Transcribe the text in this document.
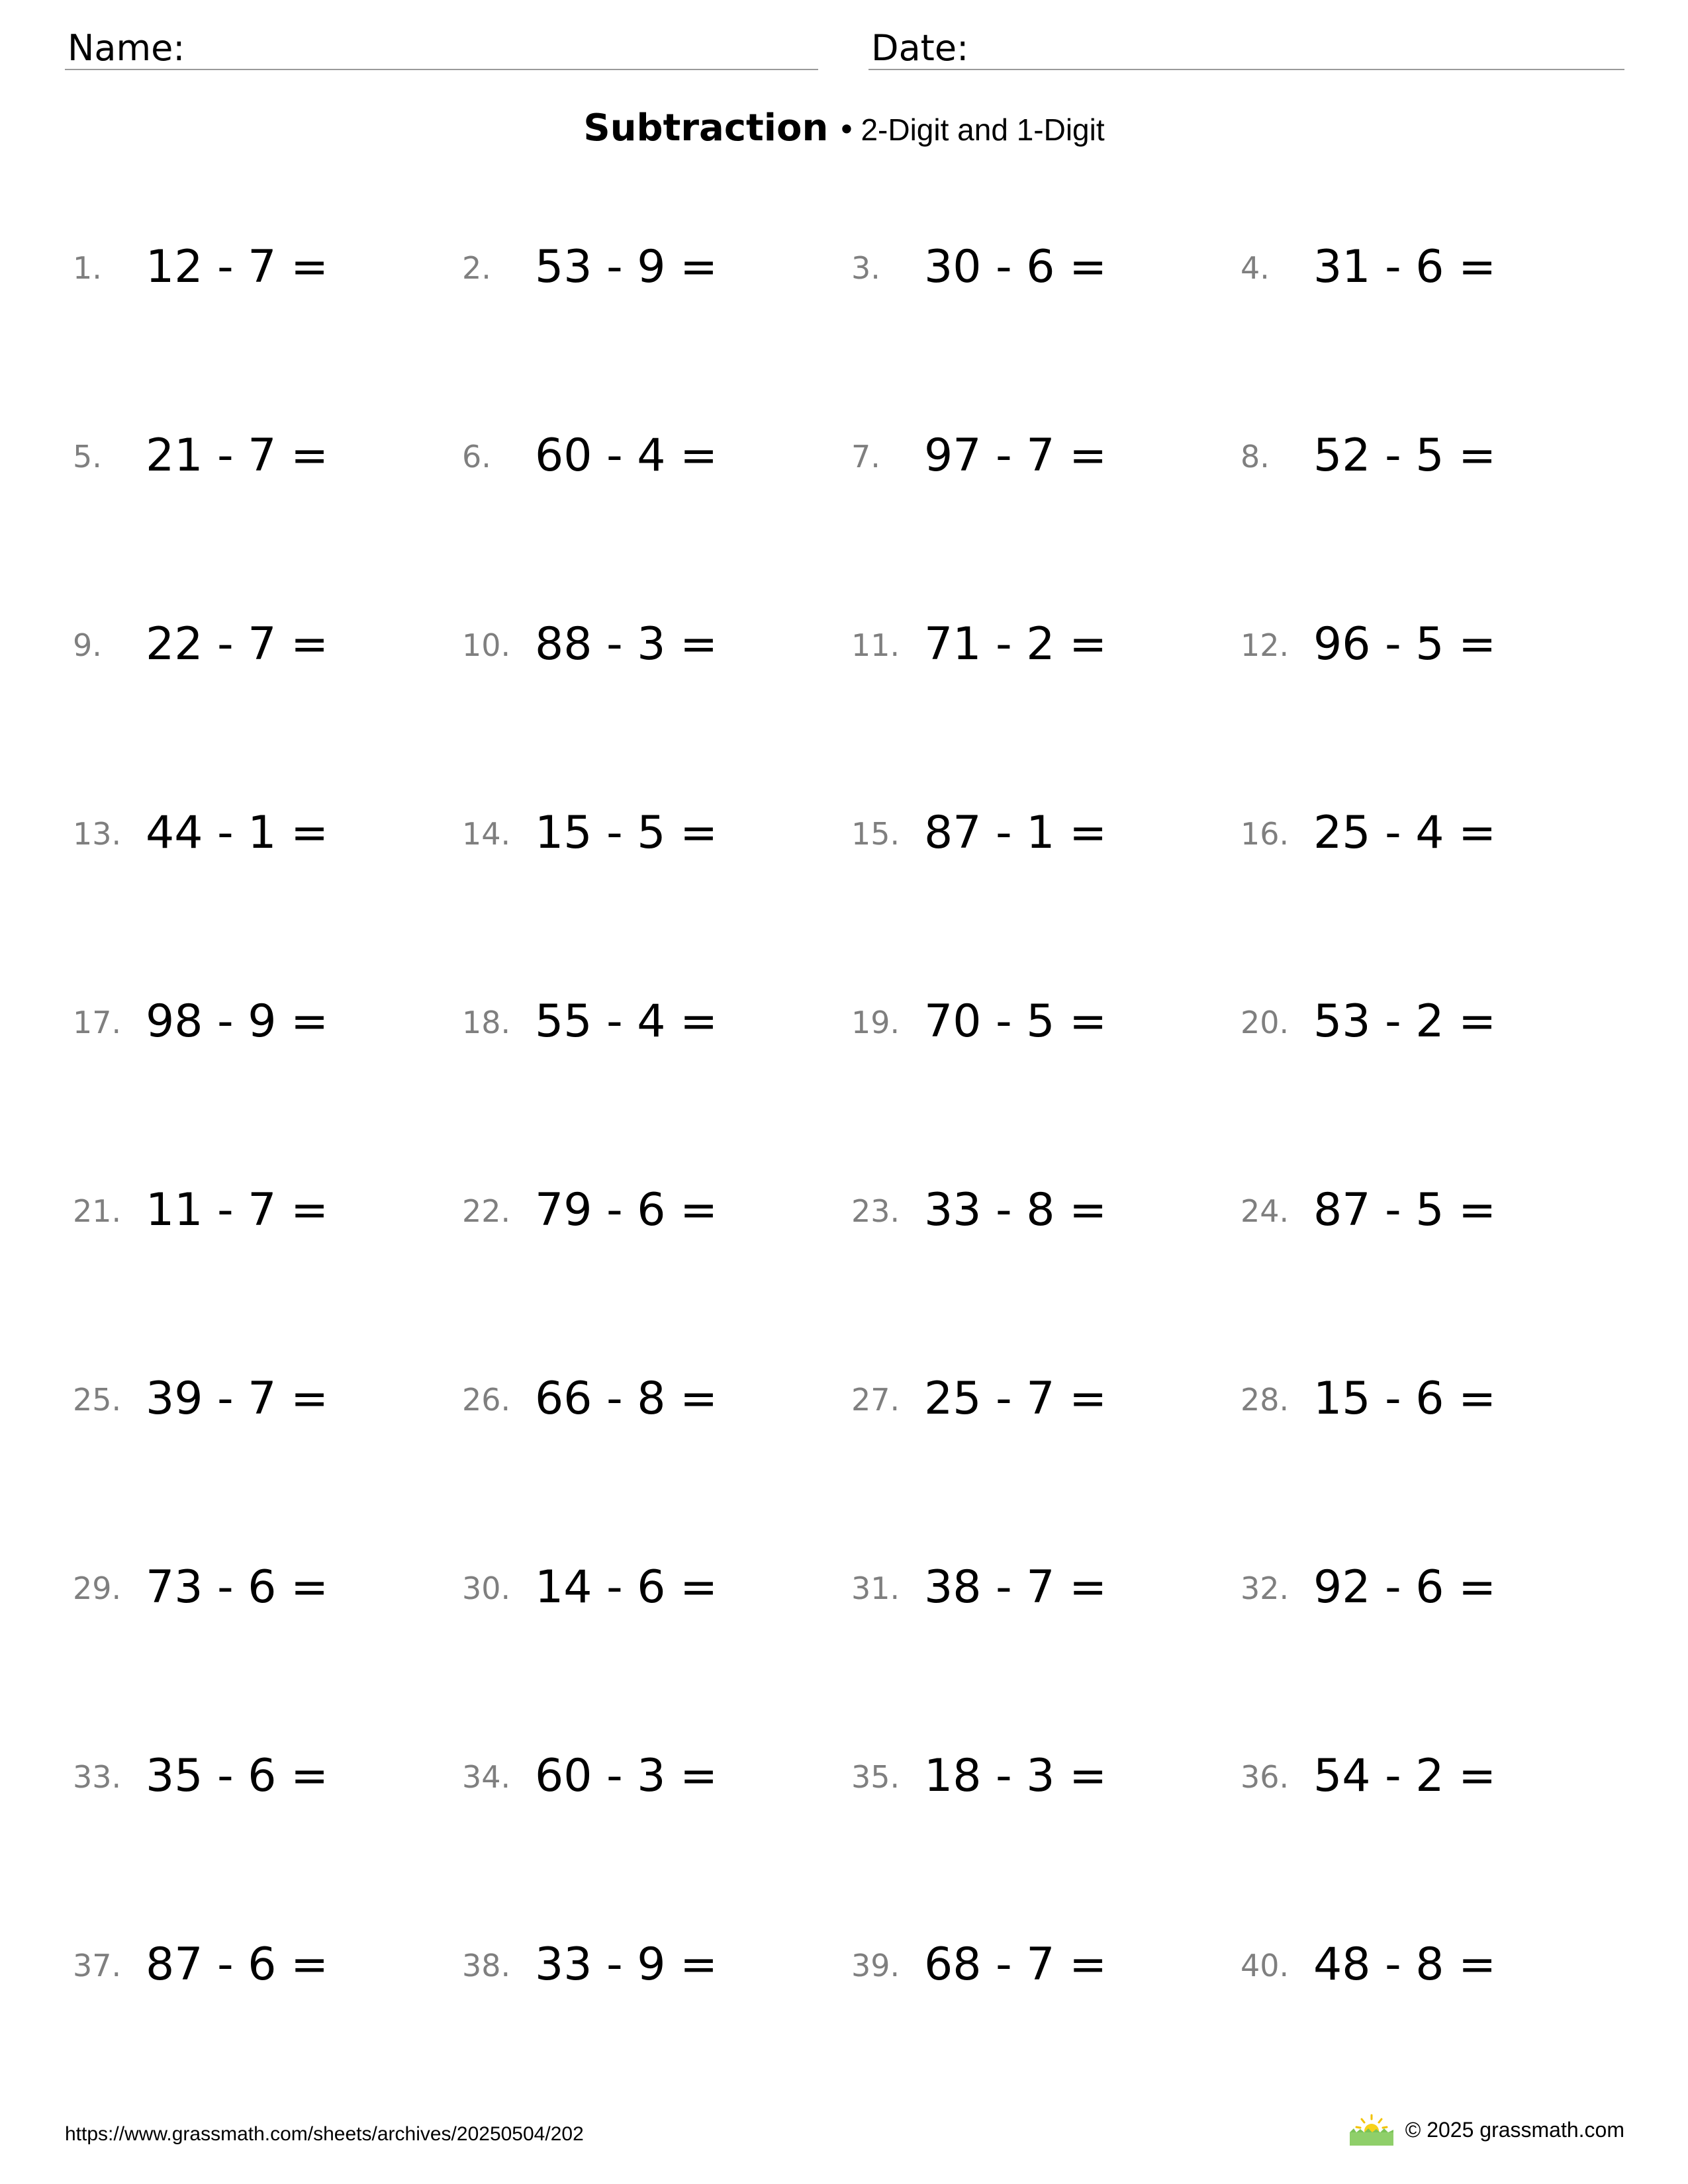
Name:	Date:
Subtraction • 2-Digit and 1-Digit
1. 12 - 7 =	2. 53 - 9 =	3. 30 - 6 =	4. 31 - 6 =
5. 21 - 7 =	6. 60 - 4 =	7. 97 - 7 =	8. 52 - 5 =
9. 22 - 7 =	10. 88 - 3 =	11. 71 - 2 =	12. 96 - 5 =
13. 44 - 1 =	14. 15 - 5 =	15. 87 - 1 =	16. 25 - 4 =
17. 98 - 9 =	18. 55 - 4 =	19. 70 - 5 =	20. 53 - 2 =
21. 11 - 7 =	22. 79 - 6 =	23. 33 - 8 =	24. 87 - 5 =
25. 39 - 7 =	26. 66 - 8 =	27. 25 - 7 =	28. 15 - 6 =
29. 73 - 6 =	30. 14 - 6 =	31. 38 - 7 =	32. 92 - 6 =
33. 35 - 6 =	34. 60 - 3 =	35. 18 - 3 =	36. 54 - 2 =
37. 87 - 6 =	38. 33 - 9 =	39. 68 - 7 =	40. 48 - 8 =
https://www.grassmath.com/sheets/archives/20250504/202	© 2025 grassmath.com
